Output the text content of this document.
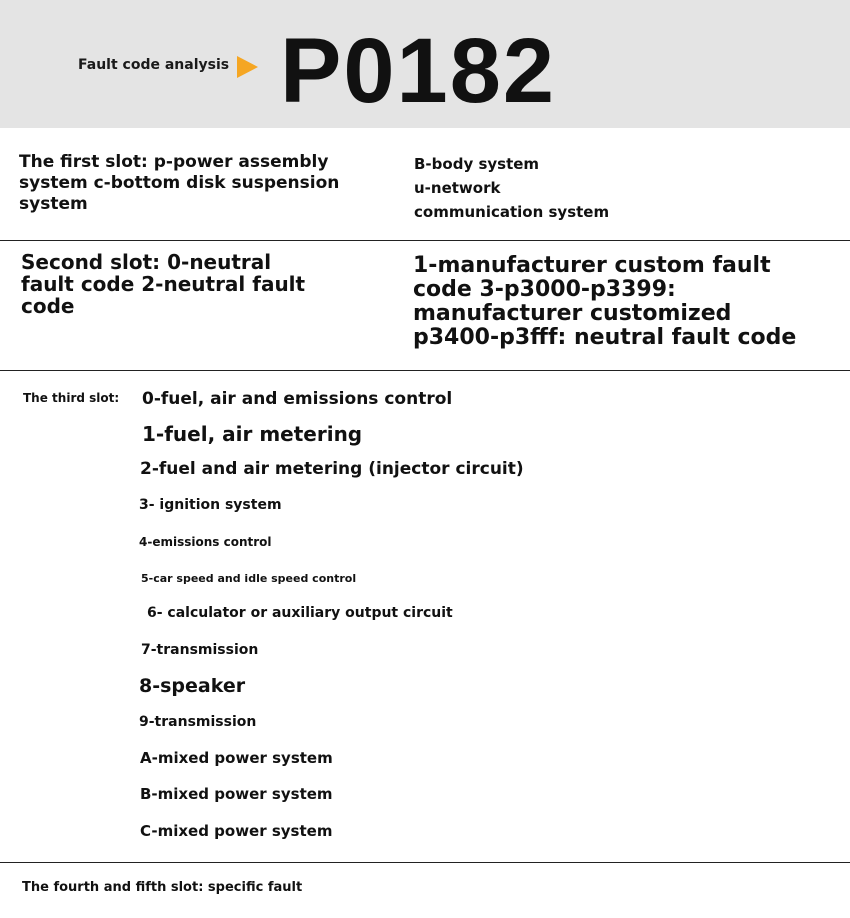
Fault code analysis P0182

The first slot: p-power assembly system c-bottom disk suspension system

B-body system
u-network
communication system

Second slot: 0-neutral fault code 2-neutral fault code

1-manufacturer custom fault code 3-p3000-p3399: manufacturer customized p3400-p3fff: neutral fault code

The third slot: 0-fuel, air and emissions control
1-fuel, air metering
2-fuel and air metering (injector circuit)
3- ignition system
4-emissions control
5-car speed and idle speed control
6- calculator or auxiliary output circuit
7-transmission
8-speaker
9-transmission
A-mixed power system
B-mixed power system
C-mixed power system
The fourth and fifth slot: specific fault
